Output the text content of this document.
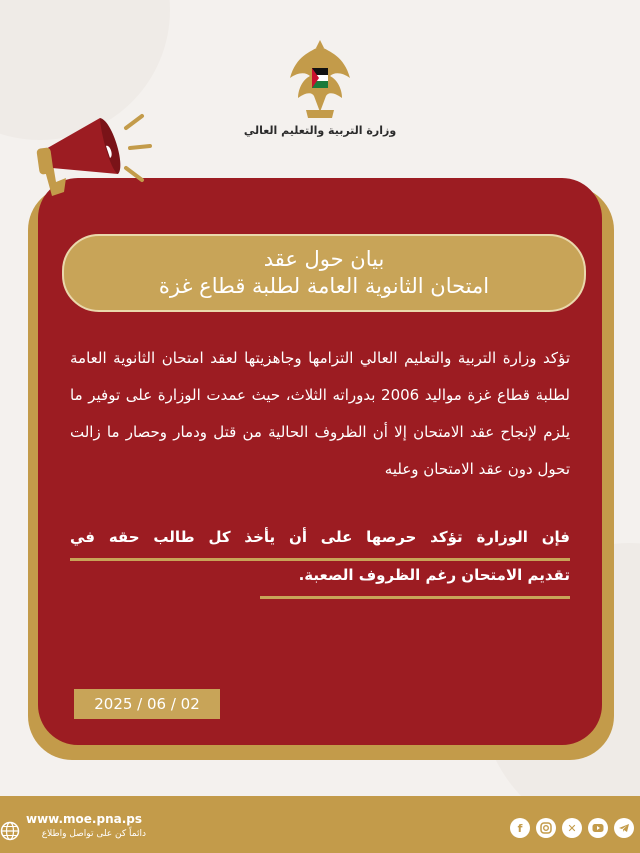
وزارة التربية والتعليم العالي
بيان حول عقد
امتحان الثانوية العامة لطلبة قطاع غزة
تؤكد وزارة التربية والتعليم العالي التزامها وجاهزيتها لعقد امتحان الثانوية العامة لطلبة قطاع غزة مواليد 2006 بدوراته الثلاث، حيث عمدت الوزارة على توفير ما يلزم لإنجاح عقد الامتحان إلا أن الظروف الحالية من قتل ودمار وحصار ما زالت تحول دون عقد الامتحان وعليه
فإن الوزارة تؤكد حرصها على أن يأخذ كل طالب حقه في
تقديم الامتحان رغم الظروف الصعبة.
2025 / 06 / 02
www.moe.pna.ps
دائماً كن على تواصل واطلاع	f	✕
